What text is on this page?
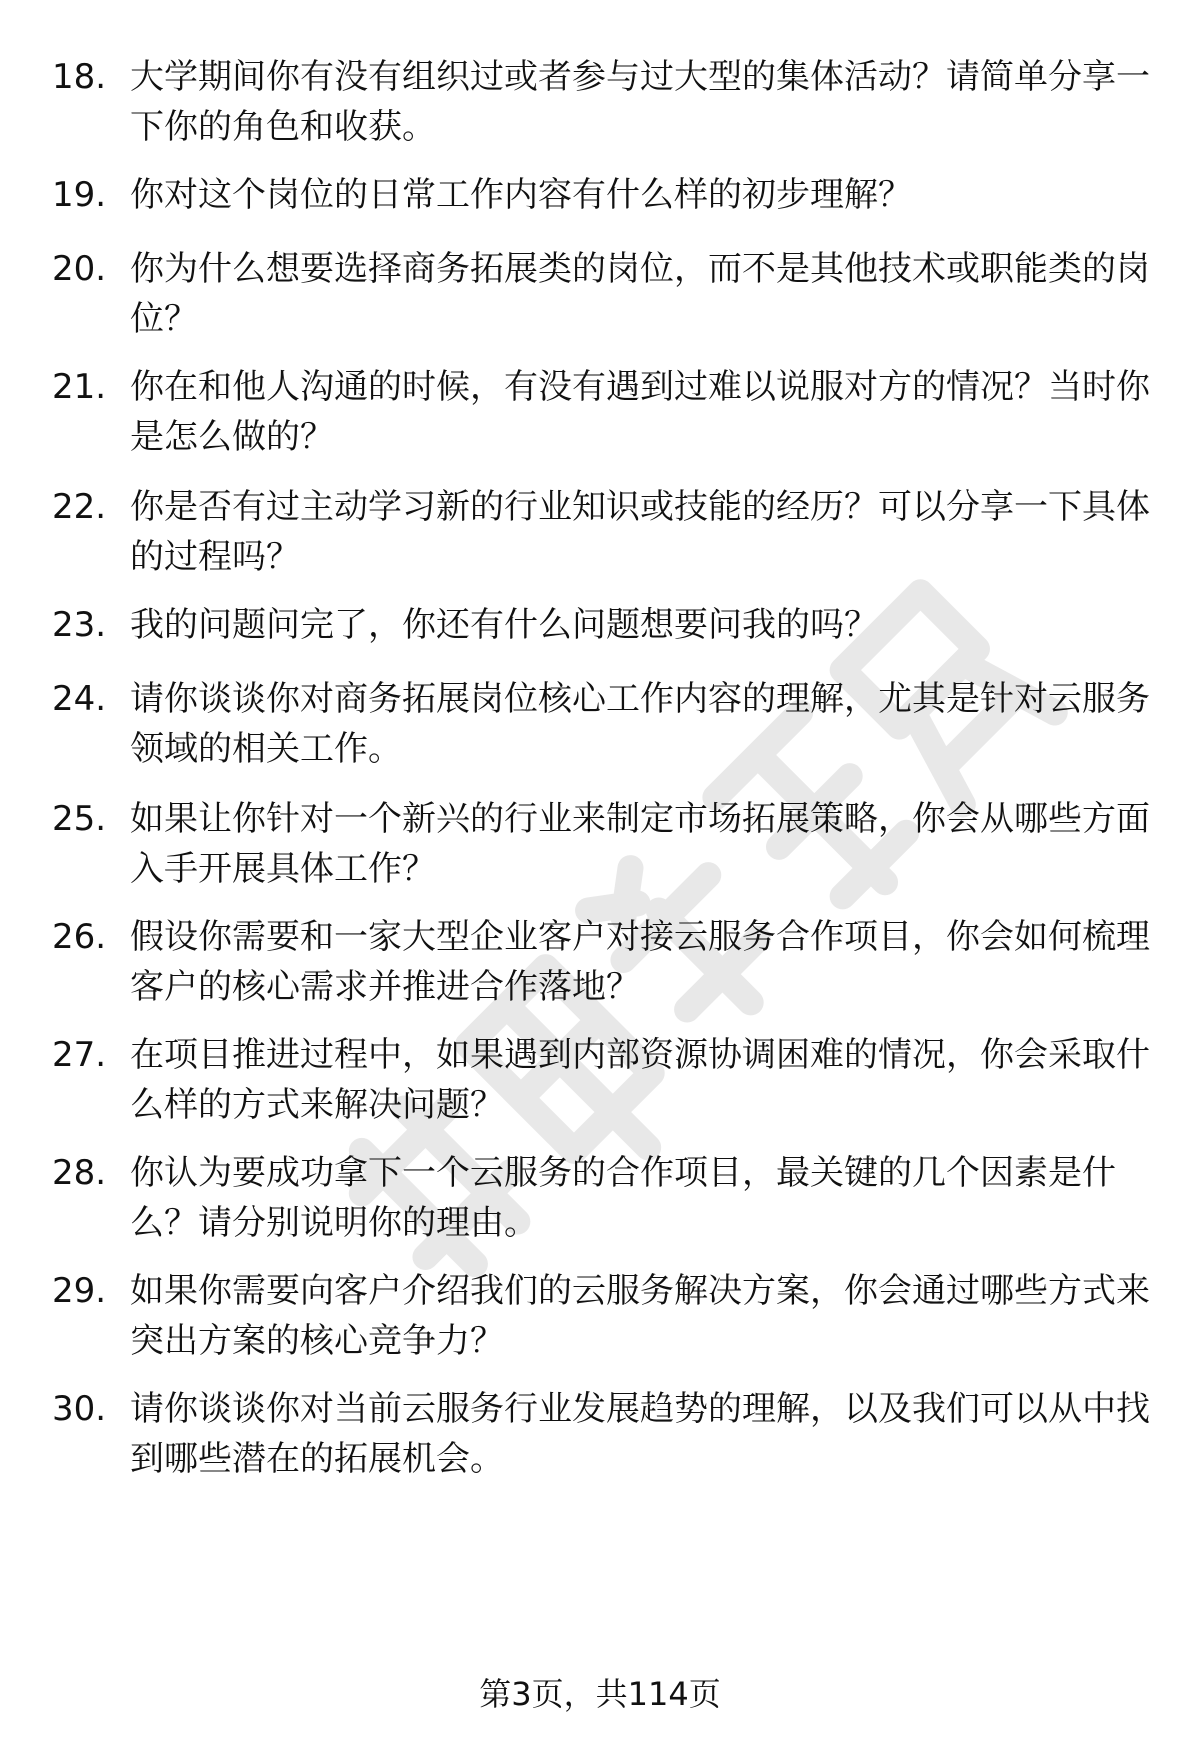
18. 大学期间你有没有组织过或者参与过大型的集体活动？请简单分享一下你的角色和收获。
19. 你对这个岗位的日常工作内容有什么样的初步理解？
20. 你为什么想要选择商务拓展类的岗位，而不是其他技术或职能类的岗位？
21. 你在和他人沟通的时候，有没有遇到过难以说服对方的情况？当时你是怎么做的？
22. 你是否有过主动学习新的行业知识或技能的经历？可以分享一下具体的过程吗？
23. 我的问题问完了，你还有什么问题想要问我的吗？
24. 请你谈谈你对商务拓展岗位核心工作内容的理解，尤其是针对云服务领域的相关工作。
25. 如果让你针对一个新兴的行业来制定市场拓展策略，你会从哪些方面入手开展具体工作？
26. 假设你需要和一家大型企业客户对接云服务合作项目，你会如何梳理客户的核心需求并推进合作落地？
27. 在项目推进过程中，如果遇到内部资源协调困难的情况，你会采取什么样的方式来解决问题？
28. 你认为要成功拿下一个云服务的合作项目，最关键的几个因素是什么？请分别说明你的理由。
29. 如果你需要向客户介绍我们的云服务解决方案，你会通过哪些方式来突出方案的核心竞争力？
30. 请你谈谈你对当前云服务行业发展趋势的理解，以及我们可以从中找到哪些潜在的拓展机会。
第3页，共114页
